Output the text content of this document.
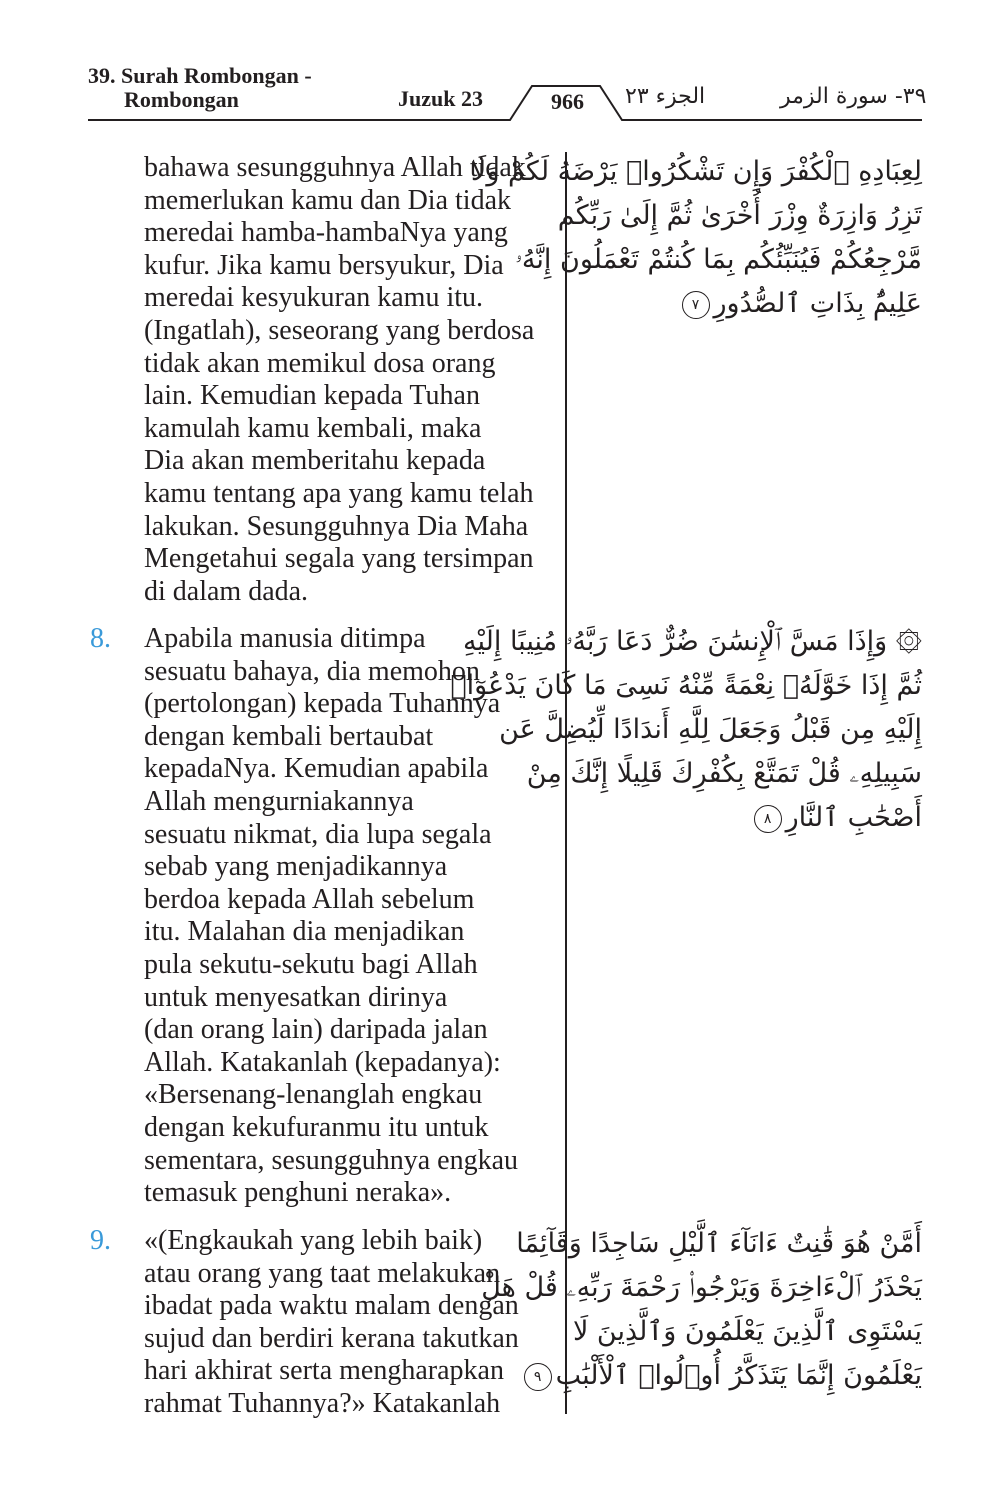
39. Surah Rombongan -
Rombongan	Juzuk 23	966	الجزء ٢٣	٣٩- سورة الزمر
bahawa sesungguhnya Allah tidak
memerlukan kamu dan Dia tidak
meredai hamba-hambaNya yang
kufur. Jika kamu bersyukur, Dia
meredai kesyukuran kamu itu.
(Ingatlah), seseorang yang berdosa
tidak akan memikul dosa orang
lain. Kemudian kepada Tuhan
kamulah kamu kembali, maka
Dia akan memberitahu kepada
kamu tentang apa yang kamu telah
lakukan. Sesungguhnya Dia Maha
Mengetahui segala yang tersimpan
di dalam dada.
لِعِبَادِهِ ٱلْكُفْرَ وَإِن تَشْكُرُوا۟ يَرْضَهُ لَكُمْ وَلَا
تَزِرُ وَازِرَةٌ وِزْرَ أُخْرَىٰ ثُمَّ إِلَىٰ رَبِّكُم
مَّرْجِعُكُمْ فَيُنَبِّئُكُم بِمَا كُنتُمْ تَعْمَلُونَ إِنَّهُۥ
عَلِيمٌۢ بِذَاتِ ٱلصُّدُورِ٧
8. Apabila manusia ditimpa
sesuatu bahaya, dia memohon
(pertolongan) kepada Tuhannya
dengan kembali bertaubat
kepadaNya. Kemudian apabila
Allah mengurniakannya
sesuatu nikmat, dia lupa segala
sebab yang menjadikannya
berdoa kepada Allah sebelum
itu. Malahan dia menjadikan
pula sekutu-sekutu bagi Allah
untuk menyesatkan dirinya
(dan orang lain) daripada jalan
Allah. Katakanlah (kepadanya):
«Bersenang-lenanglah engkau
dengan kekufuranmu itu untuk
sementara, sesungguhnya engkau
temasuk penghuni neraka».
۞ وَإِذَا مَسَّ ٱلْإِنسَٰنَ ضُرٌّ دَعَا رَبَّهُۥ مُنِيبًا إِلَيْهِ
ثُمَّ إِذَا خَوَّلَهُۥ نِعْمَةً مِّنْهُ نَسِىَ مَا كَانَ يَدْعُوٓا۟
إِلَيْهِ مِن قَبْلُ وَجَعَلَ لِلَّهِ أَندَادًا لِّيُضِلَّ عَن
سَبِيلِهِۦ قُلْ تَمَتَّعْ بِكُفْرِكَ قَلِيلًا إِنَّكَ مِنْ
أَصْحَٰبِ ٱلنَّارِ٨
9. «(Engkaukah yang lebih baik)
atau orang yang taat melakukan
ibadat pada waktu malam dengan
sujud dan berdiri kerana takutkan
hari akhirat serta mengharapkan
rahmat Tuhannya?» Katakanlah
أَمَّنْ هُوَ قَٰنِتٌ ءَانَآءَ ٱلَّيْلِ سَاجِدًا وَقَآئِمًا
يَحْذَرُ ٱلْءَاخِرَةَ وَيَرْجُوا۟ رَحْمَةَ رَبِّهِۦ قُلْ هَلْ
يَسْتَوِى ٱلَّذِينَ يَعْلَمُونَ وَٱلَّذِينَ لَا
يَعْلَمُونَ إِنَّمَا يَتَذَكَّرُ أُو۟لُوا۟ ٱلْأَلْبَٰبِ٩
